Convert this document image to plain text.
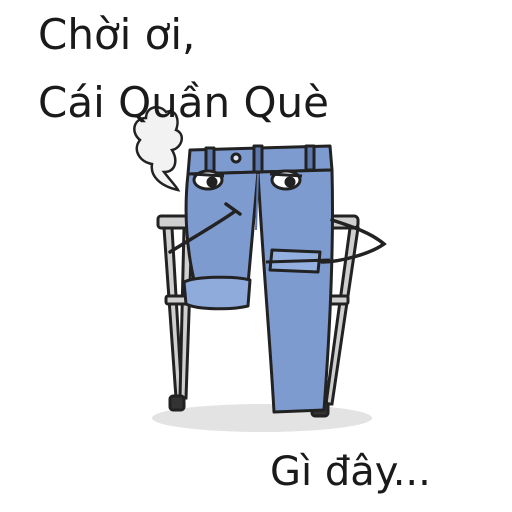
Chời ơi,
Cái Quần Què
Gì đây...
